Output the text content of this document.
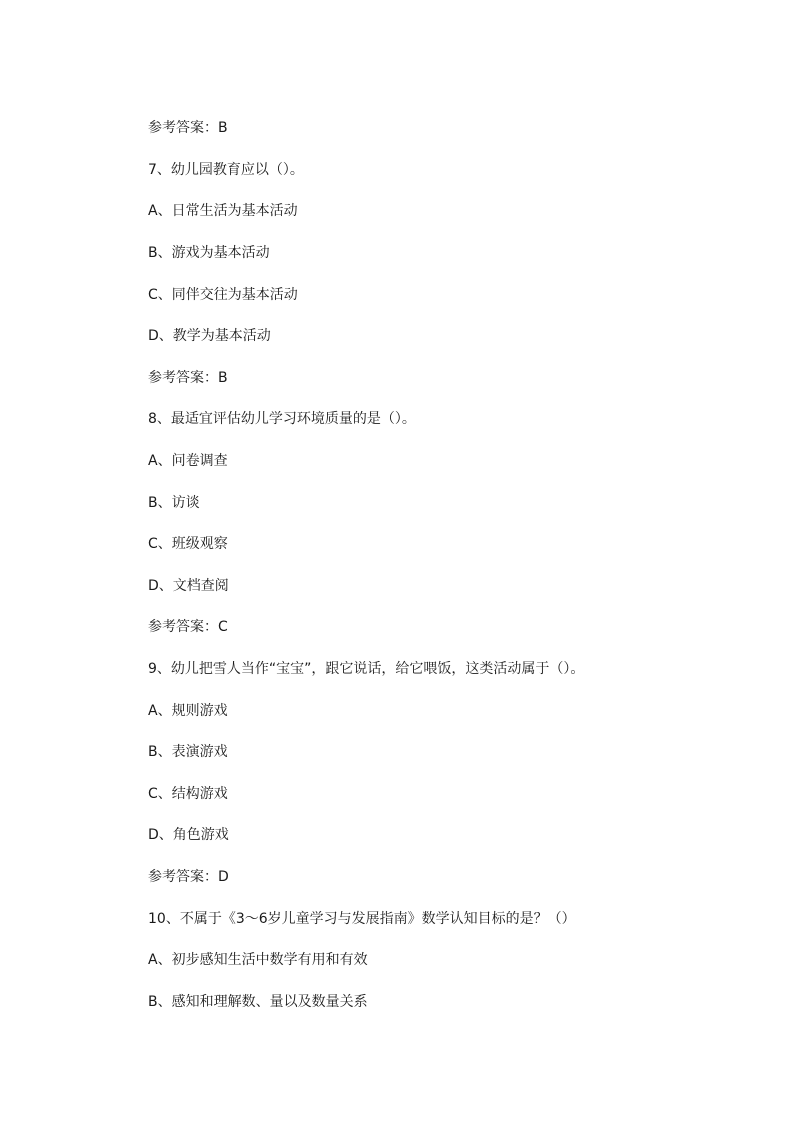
参考答案：B
7、幼儿园教育应以（）。
A、日常生活为基本活动
B、游戏为基本活动
C、同伴交往为基本活动
D、教学为基本活动
参考答案：B
8、最适宜评估幼儿学习环境质量的是（）。
A、问卷调查
B、访谈
C、班级观察
D、文档查阅
参考答案：C
9、幼儿把雪人当作“宝宝”，跟它说话，给它喂饭，这类活动属于（）。
A、规则游戏
B、表演游戏
C、结构游戏
D、角色游戏
参考答案：D
10、不属于《3～6岁儿童学习与发展指南》数学认知目标的是？（）
A、初步感知生活中数学有用和有效
B、感知和理解数、量以及数量关系
